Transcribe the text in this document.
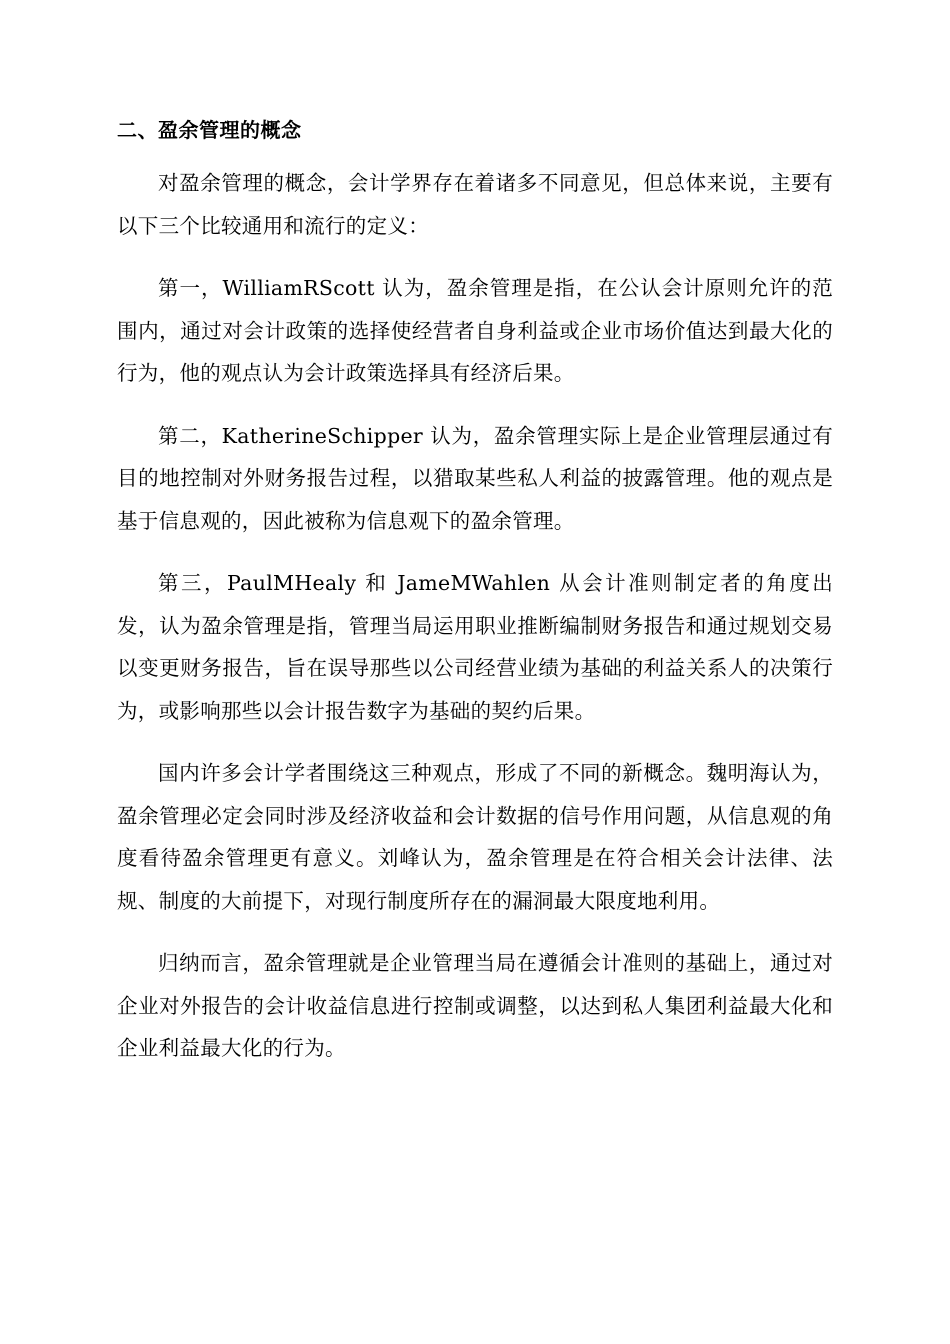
二、盈余管理的概念

对盈余管理的概念，会计学界存在着诸多不同意见，但总体来说，主要有以下三个比较通用和流行的定义：

第一，WilliamRScott 认为，盈余管理是指，在公认会计原则允许的范围内，通过对会计政策的选择使经营者自身利益或企业市场价值达到最大化的行为，他的观点认为会计政策选择具有经济后果。

第二，KatherineSchipper 认为，盈余管理实际上是企业管理层通过有目的地控制对外财务报告过程，以猎取某些私人利益的披露管理。他的观点是基于信息观的，因此被称为信息观下的盈余管理。

第三，PaulMHealy 和 JameMWahlen 从会计准则制定者的角度出发，认为盈余管理是指，管理当局运用职业推断编制财务报告和通过规划交易以变更财务报告，旨在误导那些以公司经营业绩为基础的利益关系人的决策行为，或影响那些以会计报告数字为基础的契约后果。

国内许多会计学者围绕这三种观点，形成了不同的新概念。魏明海认为，盈余管理必定会同时涉及经济收益和会计数据的信号作用问题，从信息观的角度看待盈余管理更有意义。刘峰认为，盈余管理是在符合相关会计法律、法规、制度的大前提下，对现行制度所存在的漏洞最大限度地利用。

归纳而言，盈余管理就是企业管理当局在遵循会计准则的基础上，通过对企业对外报告的会计收益信息进行控制或调整，以达到私人集团利益最大化和企业利益最大化的行为。
